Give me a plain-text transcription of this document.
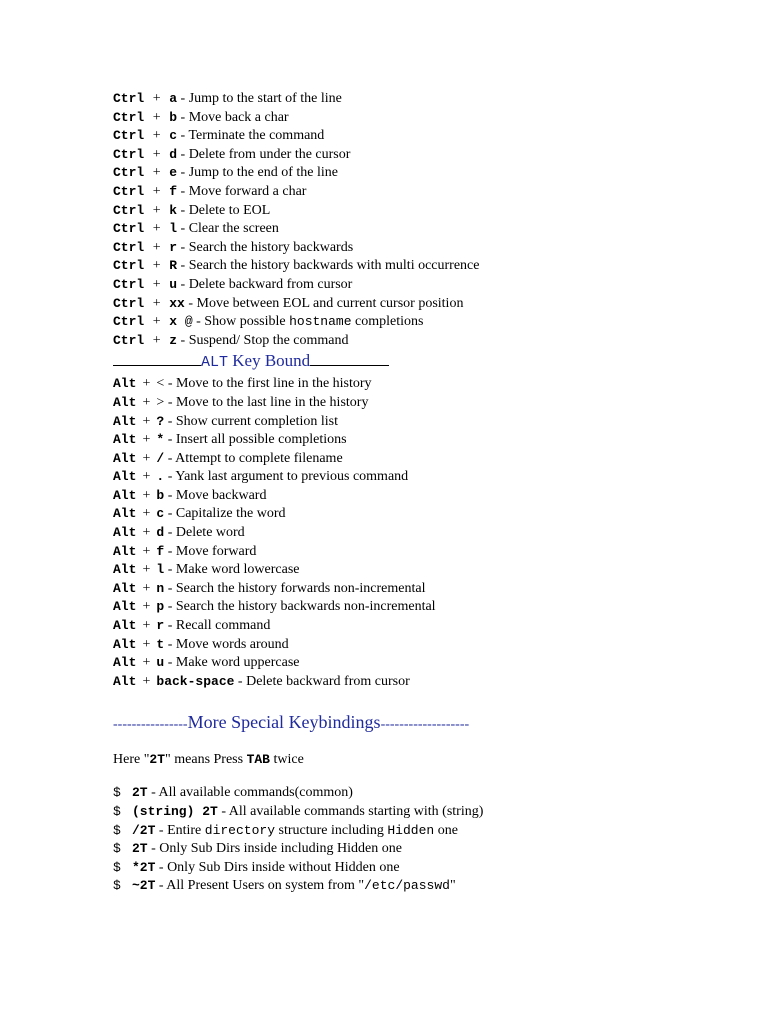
Ctrl + a - Jump to the start of the line
Ctrl + b - Move back a char
Ctrl + c - Terminate the command
Ctrl + d - Delete from under the cursor
Ctrl + e - Jump to the end of the line
Ctrl + f - Move forward a char
Ctrl + k - Delete to EOL
Ctrl + l - Clear the screen
Ctrl + r - Search the history backwards
Ctrl + R - Search the history backwards with multi occurrence
Ctrl + u - Delete backward from cursor
Ctrl + xx - Move between EOL and current cursor position
Ctrl + x @ - Show possible hostname completions
Ctrl + z - Suspend/ Stop the command
ALT Key Bound
Alt + < - Move to the first line in the history
Alt + > - Move to the last line in the history
Alt + ? - Show current completion list
Alt + * - Insert all possible completions
Alt + / - Attempt to complete filename
Alt + . - Yank last argument to previous command
Alt + b - Move backward
Alt + c - Capitalize the word
Alt + d - Delete word
Alt + f - Move forward
Alt + l - Make word lowercase
Alt + n - Search the history forwards non-incremental
Alt + p - Search the history backwards non-incremental
Alt + r - Recall command
Alt + t - Move words around
Alt + u - Make word uppercase
Alt + back-space - Delete backward from cursor
----------------More Special Keybindings-------------------
Here "2T" means Press TAB twice
$ 2T - All available commands(common)
$ (string) 2T - All available commands starting with (string)
$ /2T - Entire directory structure including Hidden one
$ 2T - Only Sub Dirs inside including Hidden one
$ *2T - Only Sub Dirs inside without Hidden one
$ ~2T - All Present Users on system from "/etc/passwd"
